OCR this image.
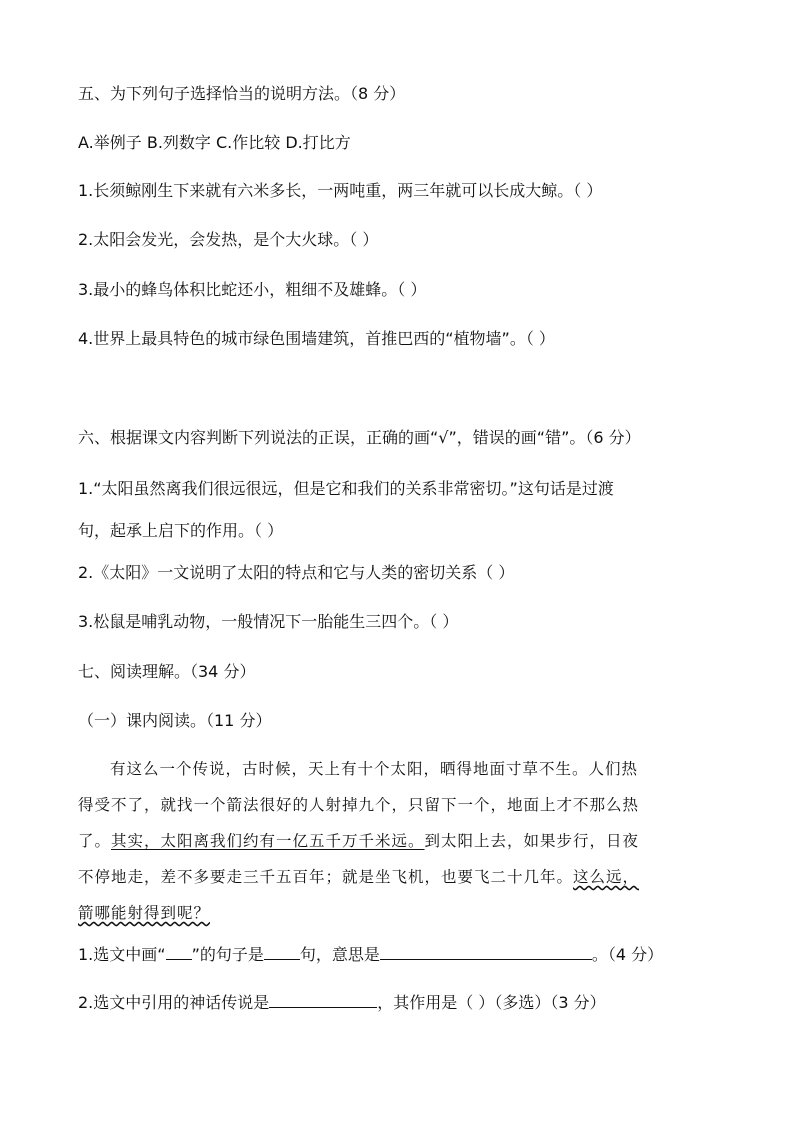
五、为下列句子选择恰当的说明方法。（8 分）
A.举例子 B.列数字 C.作比较 D.打比方
1.长须鲸刚生下来就有六米多长，一两吨重，两三年就可以长成大鲸。（ ）
2.太阳会发光，会发热，是个大火球。（ ）
3.最小的蜂鸟体积比蛇还小，粗细不及雄蜂。（ ）
4.世界上最具特色的城市绿色围墙建筑，首推巴西的“植物墙”。（ ）
六、根据课文内容判断下列说法的正误，正确的画“√”，错误的画“错”。（6 分）
1.“太阳虽然离我们很远很远，但是它和我们的关系非常密切。”这句话是过渡
句，起承上启下的作用。（ ）
2.《太阳》一文说明了太阳的特点和它与人类的密切关系（ ）
3.松鼠是哺乳动物，一般情况下一胎能生三四个。（ ）
七、阅读理解。（34 分）
（一）课内阅读。（11 分）
有这么一个传说，古时候，天上有十个太阳，晒得地面寸草不生。人们热
得受不了，就找一个箭法很好的人射掉九个，只留下一个，地面上才不那么热
了。其实，太阳离我们约有一亿五千万千米远。到太阳上去，如果步行，日夜
不停地走，差不多要走三千五百年；就是坐飞机，也要飞二十几年。这么远，
箭哪能射得到呢？
1.选文中画“ ”的句子是 句，意思是	。（4 分）
2.选文中引用的神话传说是	，其作用是（ ）（多选）（3 分）
